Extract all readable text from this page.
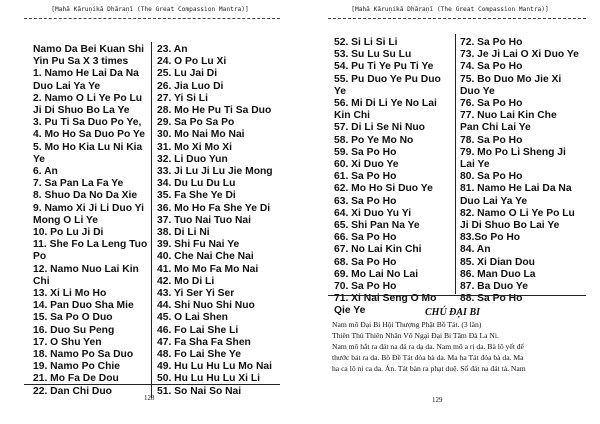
[Mahā Kāruṇikā Dhāraṇī (The Great Compassion Mantra)]
Namo Da Bei Kuan Shi
Yin Pu Sa X 3 times
1. Namo He Lai Da Na
Duo Lai Ya Ye
2. Namo O Li Ye Po Lu
Ji Di Shuo Bo La Ye
3. Pu Ti Sa Duo Po Ye,
4. Mo Ho Sa Duo Po Ye
5. Mo Ho Kia Lu Ni Kia
Ye
6. An
7. Sa Pan La Fa Ye
8. Shuo Da No Da Xie
9. Namo Xi Ji Li Duo Yi
Mong O Li Ye
10. Po Lu Ji Di
11. She Fo La Leng Tuo
Po
12. Namo Nuo Lai Kin
Chi
13. Xi Li Mo Ho
14. Pan Duo Sha Mie
15. Sa Po O Duo
16. Duo Su Peng
17. O Shu Yen
18. Namo Po Sa Duo
19. Namo Po Chie
21. Mo Fa De Dou
22. Dan Chi Duo
23. An
24. O Po Lu Xi
25. Lu Jai Di
26. Jia Luo Di
27. Yi Si Li
28. Mo He Pu Ti Sa Duo
29. Sa Po Sa Po
30. Mo Nai Mo Nai
31. Mo Xi Mo Xi
32. Li Duo Yun
33. Ji Lu Ji Lu Jie Mong
34. Du Lu Du Lu
35. Fa She Ye Di
36. Mo Ho Fa She Ye Di
37. Tuo Nai Tuo Nai
38. Di Li Ni
39. Shi Fu Nai Ye
40. Che Nai Che Nai
41. Mo Mo Fa Mo Nai
42. Mo Di Li
43. Yi Ser Yi Ser
44. Shi Nuo Shi Nuo
45. O Lai Shen
46. Fo Lai She Li
47. Fa Sha Fa Shen
48. Fo Lai She Ye
49. Hu Lu Hu Lu Mo Nai
50. Hu Lu Hu Lu Xi Li
51. So Nai So Nai
128
[Mahā Kāruṇikā Dhāraṇī (The Great Compassion Mantra)]
52. Si Li Si Li
53. Su Lu Su Lu
54. Pu Ti Ye Pu Ti Ye
55. Pu Duo Ye Pu Duo
Ye
56. Mi Di Li Ye No Lai
Kin Chi
57. Di Li Se Ni Nuo
58. Po Ye Mo No
59. Sa Po Ho
60. Xi Duo Ye
61. Sa Po Ho
62. Mo Ho Si Duo Ye
63. Sa Po Ho
64. Xi Duo Yu Yi
65. Shi Pan Na Ye
66. Sa Po Ho
67. No Lai Kin Chi
68. Sa Po Ho
69. Mo Lai No Lai
70. Sa Po Ho
71. Xi Nai Seng O Mo
Qie Ye
72. Sa Po Ho
73. Je Ji Lai O Xi Duo Ye
74. Sa Po Ho
75. Bo Duo Mo Jie Xi
Duo Ye
76. Sa Po Ho
77. Nuo Lai Kin Che
Pan Chi Lai Ye
78. Sa Po Ho
79. Mo Po Li Sheng Ji
Lai Ye
80. Sa Po Ho
81. Namo He Lai Da Na
Duo Lai Ya Ye
82. Namo O Li Ye Po Lu
Ji Di Shuo Bo Lai Ye
83.So Po Ho
84. An
85. Xi Dian Dou
86. Man Duo La
87. Ba Duo Ye
88. Sa Po Ho
CHÚ ĐẠI BI
Nam mô Đại Bi Hội Thượng Phật Bồ Tát. (3 lần)
Thiên Thủ Thiên Nhãn Vô Ngại Đại Bi Tâm Đà La Ni.
Nam mô hắt ra đát na đá ra dạ da. Nam mô a rị da. Bà lô yết đế
thước bát ra da. Bồ Đề Tát đỏa bà da. Ma ha Tát đỏa bà da. Ma
ha ca lô ni ca da. Án. Tát bàn ra phạt duệ. Số đát na đát tả. Nam
129
